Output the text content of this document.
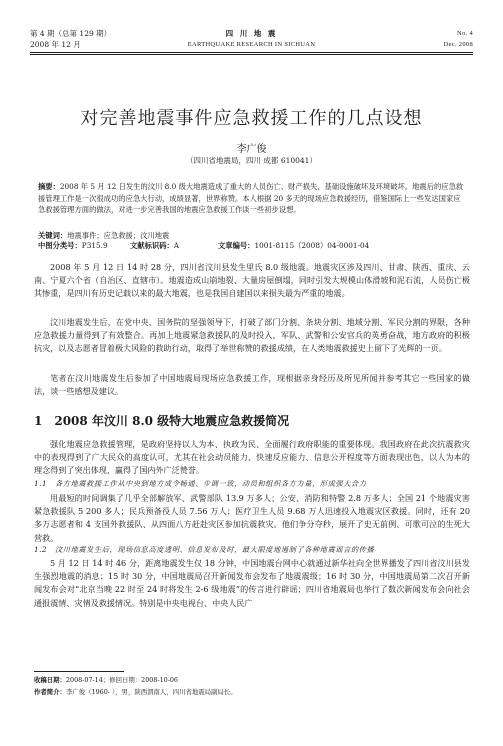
第 4 期（总第 129 期）
2008 年 12 月
四 川 地 震
EARTHQUAKE RESEARCH IN SICHUAN
No. 4
Dec. 2008
对完善地震事件应急救援工作的几点设想
李广俊
（四川省地震局，四川 成都 610041）
摘要：2008 年 5 月 12 日发生的汶川 8.0 级大地震造成了重大的人员伤亡、财产损失，基础设施破坏及环境破坏。地震后的应急救援管理工作是一次很成功的应急大行动，成绩显著，世界称赞。本人根据 20 多天的现场应急救援经历，借鉴国际上一些发达国家应急救援管理方面的做法，对进一步完善我国的地震应急救援工作谈一些初步设想。
关键词：地震事件；应急救援；汶川地震
中图分类号：P315.9	文献标识码：A	文章编号：1001-8115（2008）04-0001-04
2008 年 5 月 12 日 14 时 28 分，四川省汶川县发生里氏 8.0 级地震。地震灾区涉及四川、甘肃、陕西、重庆、云南、宁夏六个省（自治区、直辖市）。地震造成山崩地裂、大量房屋倒塌，同时引发大规模山体滑坡和泥石流，人员伤亡极其惨重，是四川有历史记载以来的最大地震，也是我国自建国以来损失最为严重的地震。
汶川地震发生后，在党中央、国务院的坚强领导下，打破了部门分割、条块分割、地域分割、军民分割的界限，各种应急救援力量得到了有效整合。再加上地震紧急救援队的及时投入，军队、武警和公安官兵的英勇奋战，地方政府的积极抗灾，以及志愿者冒着极大风险的救助行动，取得了举世称赞的救援成绩，在人类地震救援史上留下了光辉的一页。
笔者在汶川地震发生后参加了中国地震局现场应急救援工作，现根据亲身经历及所见所闻并参考其它一些国家的做法，谈一些感想及建议。
1　2008 年汶川 8.0 级特大地震应急救援简况
强化地震应急救援管理，是政府坚持以人为本、执政为民、全面履行政府职能的重要体现。我国政府在此次抗震救灾中的表现得到了广大民众的高度认可，尤其在社会动员能力、快速反应能力、信息公开程度等方面表现出色，以人为本的理念得到了突出体现，赢得了国内外广泛赞誉。
1.1　各方地震救援工作从中央到地方成令畅通、步调一致，动员和组织各方力量，形成强大合力
用最短的时间调集了几乎全部解放军、武警部队 13.9 万多人；公安、消防和特警 2.8 万多人；全国 21 个地震灾害紧急救援队 5 200 多人；民兵预备役人员 7.56 万人；医疗卫生人员 9.68 万人迅速投入地震灾区救援。同时，还有 20 多万志愿者和 4 支国外救援队、从四面八方赶赴灾区参加抗震救灾。他们争分夺秒，展开了史无前例、可歌可泣的生死大营救。
1.2　汶川地震发生后，现场信息高度透明、信息发布及时，最大限度地遏制了各种地震谣言的传播
5 月 12 日 14 时 46 分，距离地震发生仅 18 分钟，中国地震台网中心就通过新华社向全世界播发了四川省汶川县发生强烈地震的消息；15 时 30 分，中国地震局召开新闻发布会发布了地震震级；16 时 30 分，中国地震局第二次召开新闻发布会对“北京当晚 22 时至 24 时将发生 2-6 级地震”的传言进行辟谣；四川省地震局也举行了数次新闻发布会向社会通报震情、灾情及救援情况。特别是中央电视台、中央人民广
收稿日期：2008-07-14；修回日期：2008-10-06
作者简介：李广俊（1960- ），男，陕西渭南人，四川省地震局副局长。
